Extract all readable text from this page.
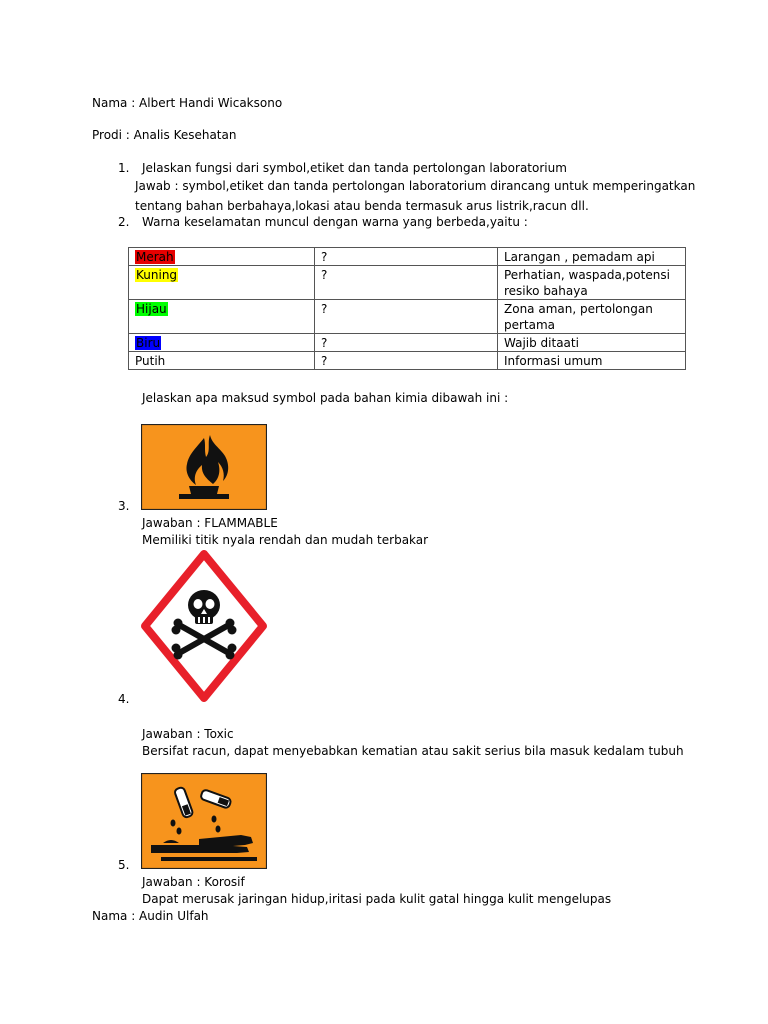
Nama : Albert Handi Wicaksono
Prodi : Analis Kesehatan
1. Jelaskan fungsi dari symbol,etiket dan tanda pertolongan laboratorium
Jawab : symbol,etiket dan tanda pertolongan laboratorium dirancang untuk memperingatkan
tentang bahan berbahaya,lokasi atau benda termasuk arus listrik,racun dll.
2. Warna keselamatan muncul dengan warna yang berbeda,yaitu :
Merah	?	Larangan , pemadam api
Kuning	?	Perhatian, waspada,potensi resiko bahaya
Hijau	?	Zona aman, pertolongan pertama
Biru	?	Wajib ditaati
Putih	?	Informasi umum
Jelaskan apa maksud symbol pada bahan kimia dibawah ini :
3.
Jawaban : FLAMMABLE
Memiliki titik nyala rendah dan mudah terbakar
4.
Jawaban : Toxic
Bersifat racun, dapat menyebabkan kematian atau sakit serius bila masuk kedalam tubuh
5.
Jawaban : Korosif
Dapat merusak jaringan hidup,iritasi pada kulit gatal hingga kulit mengelupas
Nama : Audin Ulfah
